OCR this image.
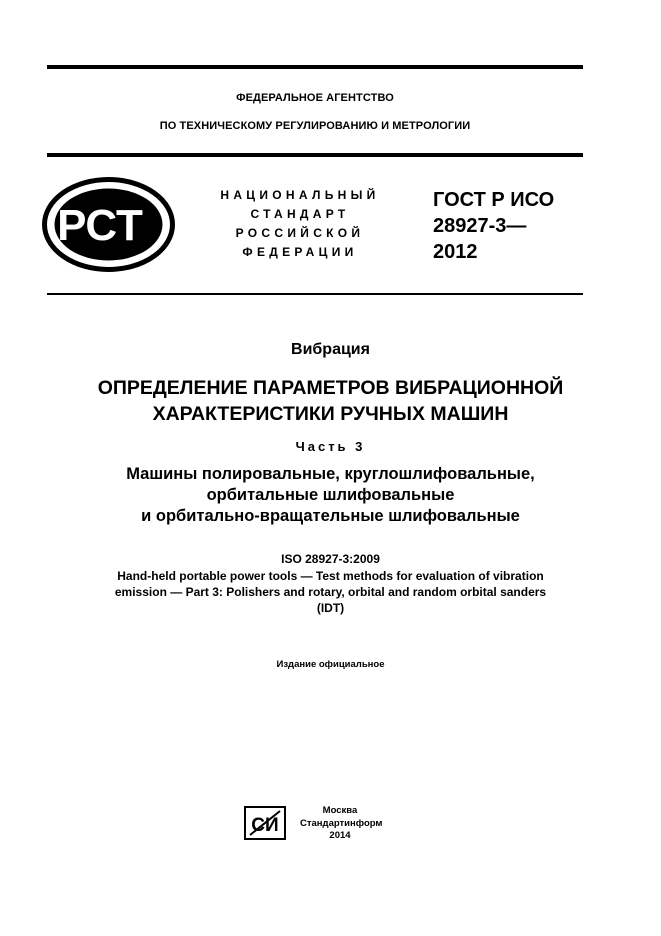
ФЕДЕРАЛЬНОЕ АГЕНТСТВО
ПО ТЕХНИЧЕСКОМУ РЕГУЛИРОВАНИЮ И МЕТРОЛОГИИ
РСТ
НАЦИОНАЛЬНЫЙ
СТАНДАРТ
РОССИЙСКОЙ
ФЕДЕРАЦИИ
ГОСТ Р ИСО
28927-3—
2012
Вибрация
ОПРЕДЕЛЕНИЕ ПАРАМЕТРОВ ВИБРАЦИОННОЙ
ХАРАКТЕРИСТИКИ РУЧНЫХ МАШИН
Часть 3
Машины полировальные, круглошлифовальные,
орбитальные шлифовальные
и орбитально-вращательные шлифовальные
ISO 28927-3:2009
Hand-held portable power tools — Test methods for evaluation of vibration
emission — Part 3: Polishers and rotary, orbital and random orbital sanders
(IDT)
Издание официальное
СИ
Москва
Стандартинформ
2014
